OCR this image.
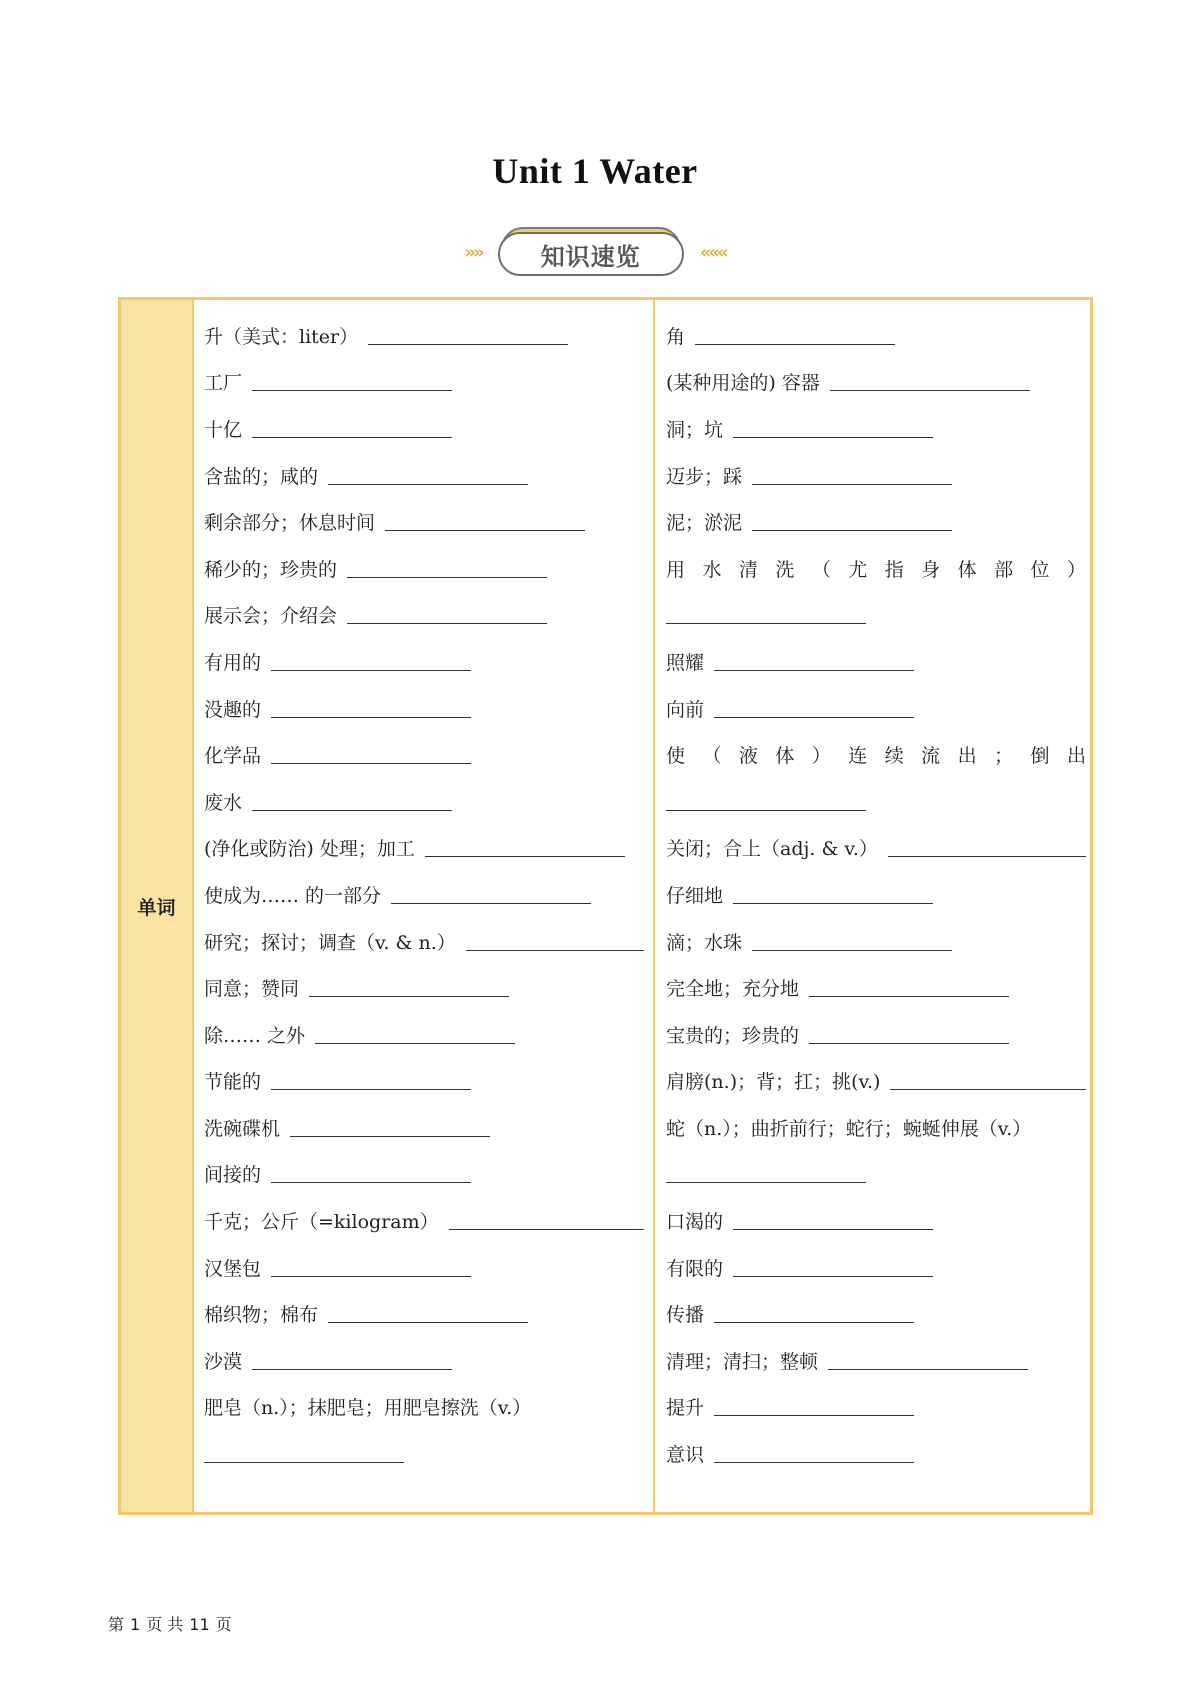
Unit 1 Water
»»	知识速览	«««
单词
升（美式：liter）
工厂
十亿
含盐的；咸的
剩余部分；休息时间
稀少的；珍贵的
展示会；介绍会
有用的
没趣的
化学品
废水
(净化或防治) 处理；加工
使成为…… 的一部分
研究；探讨；调查（v. & n.）
同意；赞同
除…… 之外
节能的
洗碗碟机
间接的
千克；公斤（=kilogram）
汉堡包
棉织物；棉布
沙漠
肥皂（n.）；抹肥皂；用肥皂擦洗（v.）
角
(某种用途的) 容器
洞；坑
迈步；踩
泥；淤泥
用 水 清 洗 （ 尤 指 身 体 部 位 ）
照耀
向前
使 （ 液 体 ） 连 续 流 出 ； 倒 出
关闭；合上（adj. & v.）
仔细地
滴；水珠
完全地；充分地
宝贵的；珍贵的
肩膀(n.)；背；扛；挑(v.)
蛇（n.）；曲折前行；蛇行；蜿蜒伸展（v.）
口渴的
有限的
传播
清理；清扫；整顿
提升
意识
第 1 页 共 11 页
